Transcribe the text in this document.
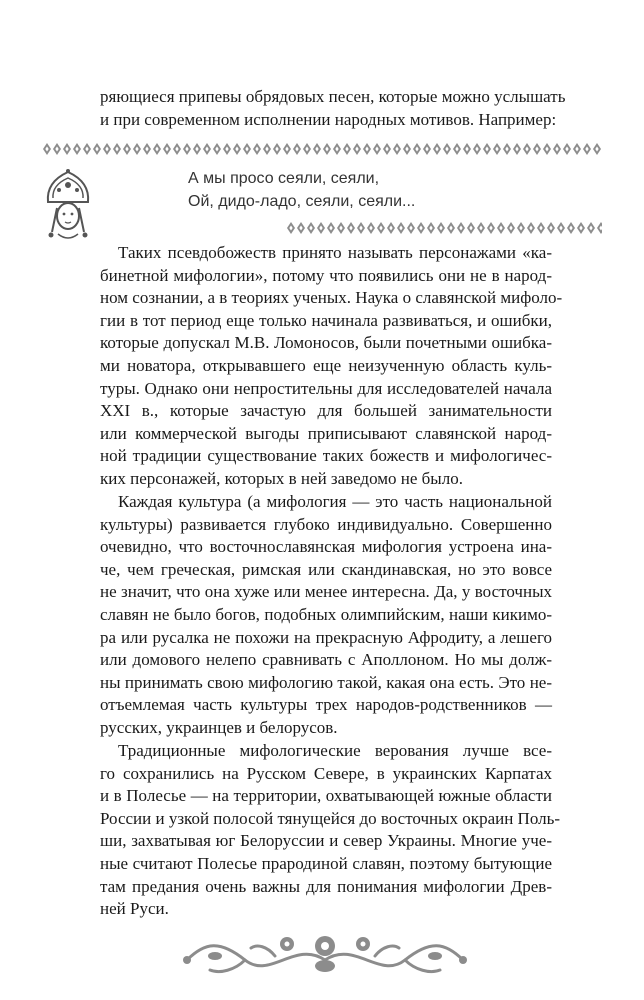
ряющиеся припевы обрядовых песен, которые можно услышать
и при современном исполнении народных мотивов. Например:
А мы просо сеяли, сеяли,
Ой, дидо-ладо, сеяли, сеяли...
Таких псевдобожеств принято называть персонажами «ка-
бинетной мифологии», потому что появились они не в народ-
ном сознании, а в теориях ученых. Наука о славянской мифоло-
гии в тот период еще только начинала развиваться, и ошибки,
которые допускал М.В. Ломоносов, были почетными ошибка-
ми новатора, открывавшего еще неизученную область куль-
туры. Однако они непростительны для исследователей начала
XXI в., которые зачастую для большей занимательности
или коммерческой выгоды приписывают славянской народ-
ной традиции существование таких божеств и мифологичес-
ких персонажей, которых в ней заведомо не было.
Каждая культура (а мифология — это часть национальной
культуры) развивается глубоко индивидуально. Совершенно
очевидно, что восточнославянская мифология устроена ина-
че, чем греческая, римская или скандинавская, но это вовсе
не значит, что она хуже или менее интересна. Да, у восточных
славян не было богов, подобных олимпийским, наши кикимо-
ра или русалка не похожи на прекрасную Афродиту, а лешего
или домового нелепо сравнивать с Аполлоном. Но мы долж-
ны принимать свою мифологию такой, какая она есть. Это не-
отъемлемая часть культуры трех народов-родственников —
русских, украинцев и белорусов.
Традиционные мифологические верования лучше все-
го сохранились на Русском Севере, в украинских Карпатах
и в Полесье — на территории, охватывающей южные области
России и узкой полосой тянущейся до восточных окраин Поль-
ши, захватывая юг Белоруссии и север Украины. Многие уче-
ные считают Полесье прародиной славян, поэтому бытующие
там предания очень важны для понимания мифологии Древ-
ней Руси.
